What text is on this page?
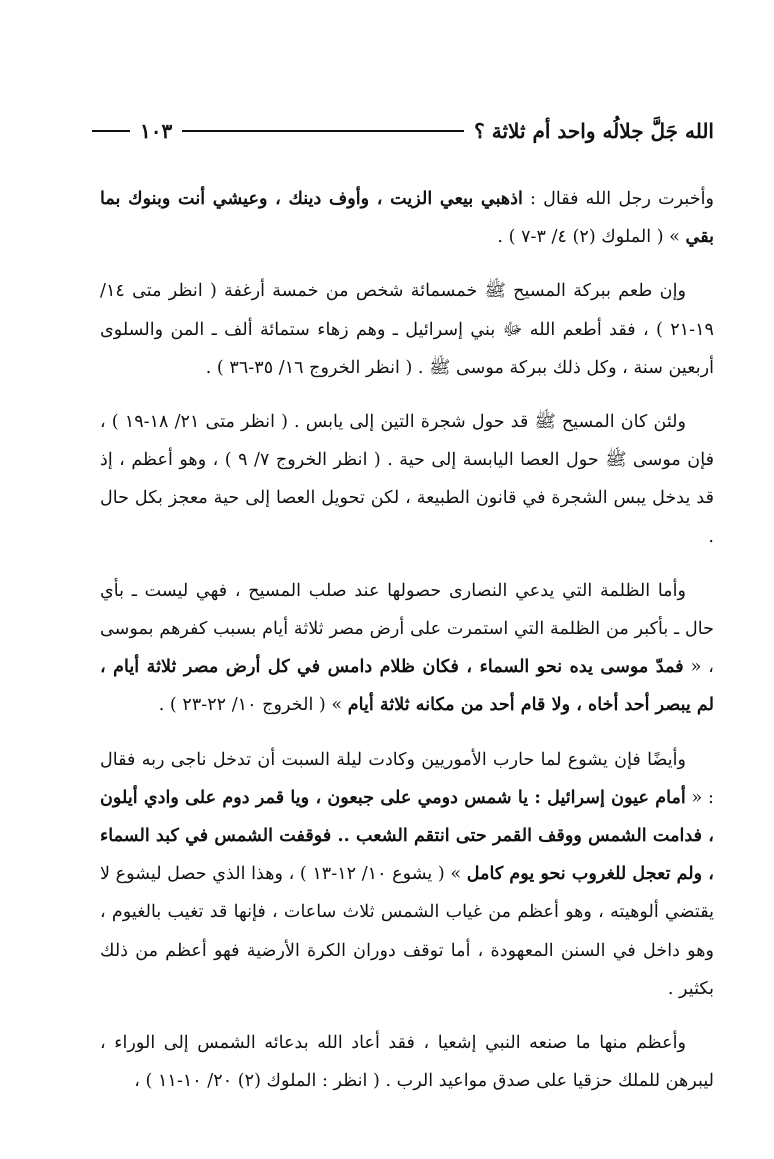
الله جَلَّ جلالُه واحد أم ثلاثة ؟
١٠٣

وأخبرت رجل الله فقال : اذهبي بيعي الزيت ، وأوف دينك ، وعيشي أنت وبنوك بما بقي » ( الملوك (٢) ٤/ ٣-٧ ) .

وإن طعم ببركة المسيح ﷺ خمسمائة شخص من خمسة أرغفة ( انظر متى ١٤/ ١٩-٢١ ) ، فقد أطعم الله ﷻ بني إسرائيل ـ وهم زهاء ستمائة ألف ـ المن والسلوى أربعين سنة ، وكل ذلك ببركة موسى ﷺ . ( انظر الخروج ١٦/ ٣٥-٣٦ ) .

ولئن كان المسيح ﷺ قد حول شجرة التين إلى يابس . ( انظر متى ٢١/ ١٨-١٩ ) ، فإن موسى ﷺ حول العصا اليابسة إلى حية . ( انظر الخروج ٧/ ٩ ) ، وهو أعظم ، إذ قد يدخل يبس الشجرة في قانون الطبيعة ، لكن تحويل العصا إلى حية معجز بكل حال .

وأما الظلمة التي يدعي النصارى حصولها عند صلب المسيح ، فهي ليست ـ بأي حال ـ بأكبر من الظلمة التي استمرت على أرض مصر ثلاثة أيام بسبب كفرهم بموسى ، « فمدّ موسى يده نحو السماء ، فكان ظلام دامس في كل أرض مصر ثلاثة أيام ، لم يبصر أحد أخاه ، ولا قام أحد من مكانه ثلاثة أيام » ( الخروج ١٠/ ٢٢-٢٣ ) .

وأيضًا فإن يشوع لما حارب الأموريين وكادت ليلة السبت أن تدخل ناجى ربه فقال : « أمام عيون إسرائيل : يا شمس دومي على جبعون ، ويا قمر دوم على وادي أيلون ، فدامت الشمس ووقف القمر حتى انتقم الشعب .. فوقفت الشمس في كبد السماء ، ولم تعجل للغروب نحو يوم كامل » ( يشوع ١٠/ ١٢-١٣ ) ، وهذا الذي حصل ليشوع لا يقتضي ألوهيته ، وهو أعظم من غياب الشمس ثلاث ساعات ، فإنها قد تغيب بالغيوم ، وهو داخل في السنن المعهودة ، أما توقف دوران الكرة الأرضية فهو أعظم من ذلك بكثير .

وأعظم منها ما صنعه النبي إشعيا ، فقد أعاد الله بدعائه الشمس إلى الوراء ، ليبرهن للملك حزقيا على صدق مواعيد الرب . ( انظر : الملوك (٢) ٢٠/ ١٠-١١ ) ،
